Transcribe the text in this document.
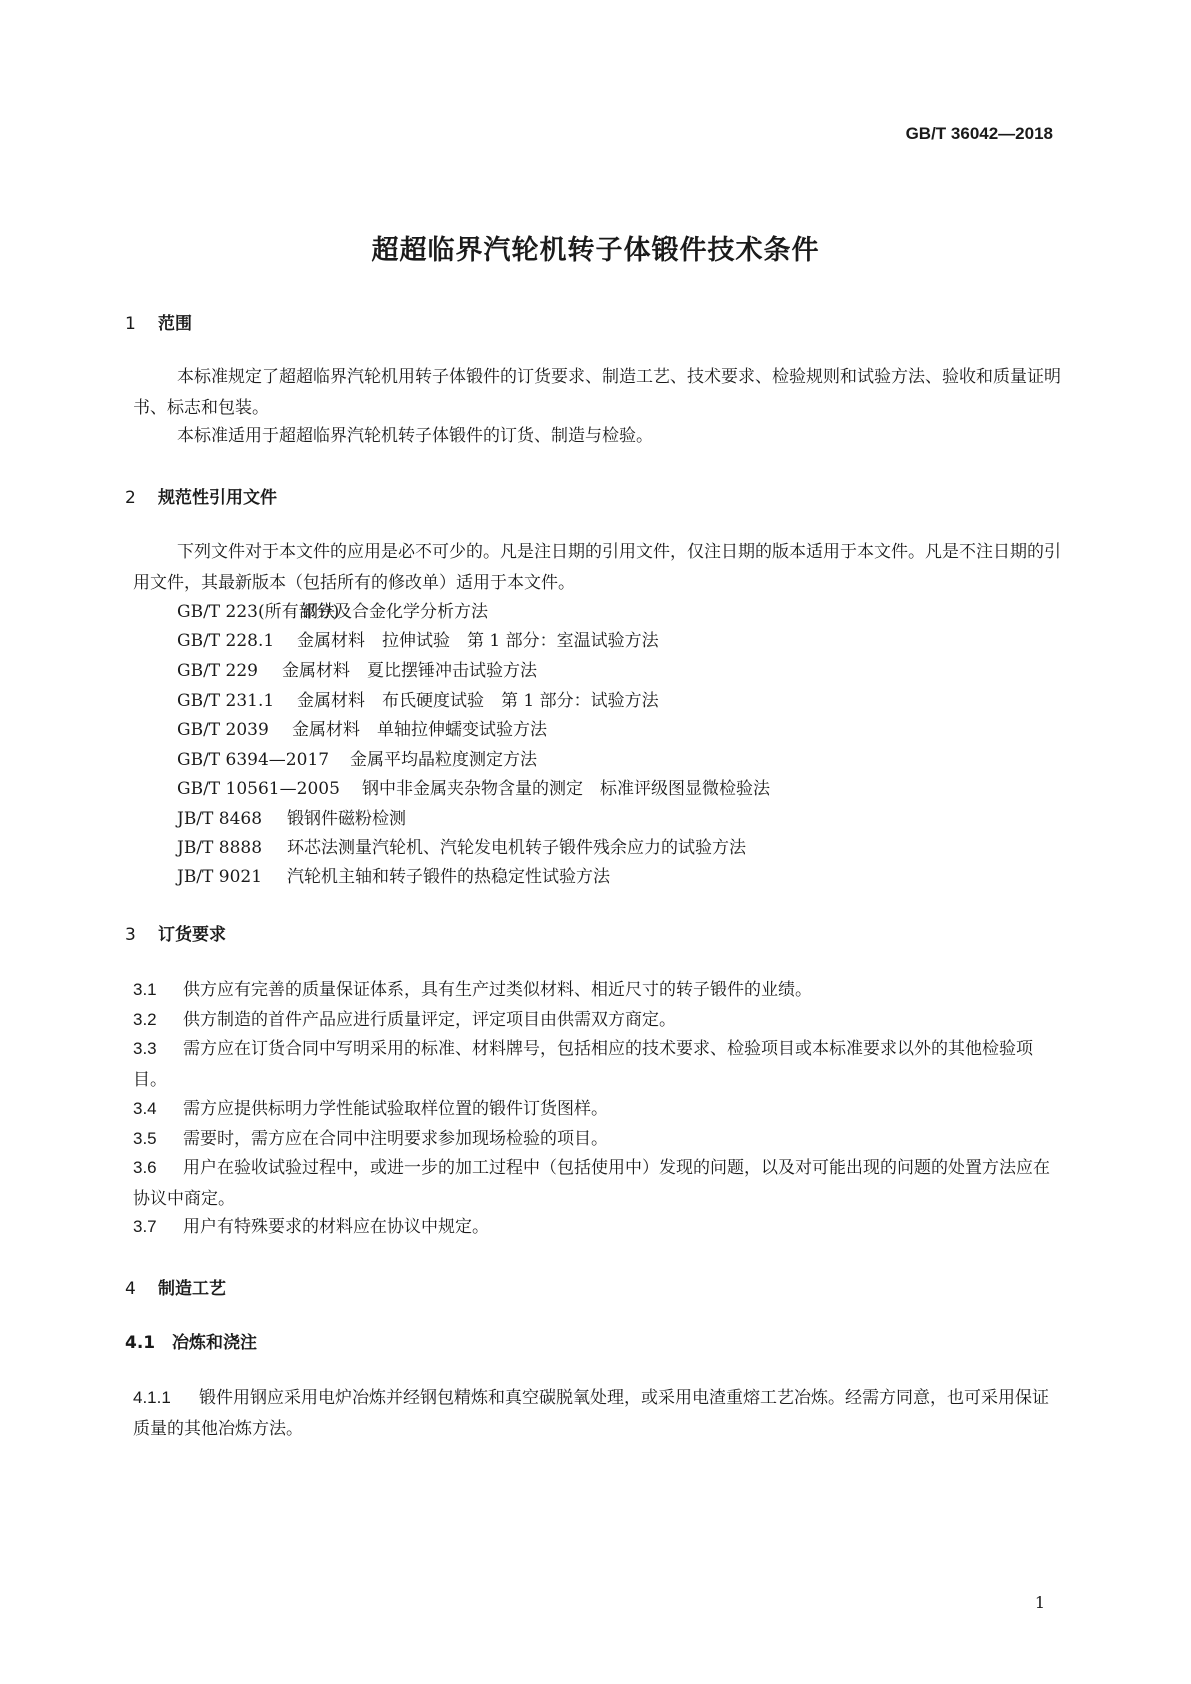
GB/T 36042—2018
超超临界汽轮机转子体锻件技术条件
1 范围
本标准规定了超超临界汽轮机用转子体锻件的订货要求、制造工艺、技术要求、检验规则和试验方法、验收和质量证明书、标志和包装。
本标准适用于超超临界汽轮机转子体锻件的订货、制造与检验。
2 规范性引用文件
下列文件对于本文件的应用是必不可少的。凡是注日期的引用文件，仅注日期的版本适用于本文件。凡是不注日期的引用文件，其最新版本（包括所有的修改单）适用于本文件。
GB/T 223(所有部分)钢铁及合金化学分析方法
GB/T 228.1 金属材料　拉伸试验　第 1 部分：室温试验方法
GB/T 229 金属材料　夏比摆锤冲击试验方法
GB/T 231.1 金属材料　布氏硬度试验　第 1 部分：试验方法
GB/T 2039 金属材料　单轴拉伸蠕变试验方法
GB/T 6394—2017 金属平均晶粒度测定方法
GB/T 10561—2005 钢中非金属夹杂物含量的测定　标准评级图显微检验法
JB/T 8468 锻钢件磁粉检测
JB/T 8888 环芯法测量汽轮机、汽轮发电机转子锻件残余应力的试验方法
JB/T 9021 汽轮机主轴和转子锻件的热稳定性试验方法
3 订货要求
3.1 供方应有完善的质量保证体系，具有生产过类似材料、相近尺寸的转子锻件的业绩。
3.2 供方制造的首件产品应进行质量评定，评定项目由供需双方商定。
3.3 需方应在订货合同中写明采用的标准、材料牌号，包括相应的技术要求、检验项目或本标准要求以外的其他检验项目。
3.4 需方应提供标明力学性能试验取样位置的锻件订货图样。
3.5 需要时，需方应在合同中注明要求参加现场检验的项目。
3.6 用户在验收试验过程中，或进一步的加工过程中（包括使用中）发现的问题，以及对可能出现的问题的处置方法应在协议中商定。
3.7 用户有特殊要求的材料应在协议中规定。
4 制造工艺
4.1 冶炼和浇注
4.1.1 锻件用钢应采用电炉冶炼并经钢包精炼和真空碳脱氧处理，或采用电渣重熔工艺冶炼。经需方同意，也可采用保证质量的其他冶炼方法。
1
